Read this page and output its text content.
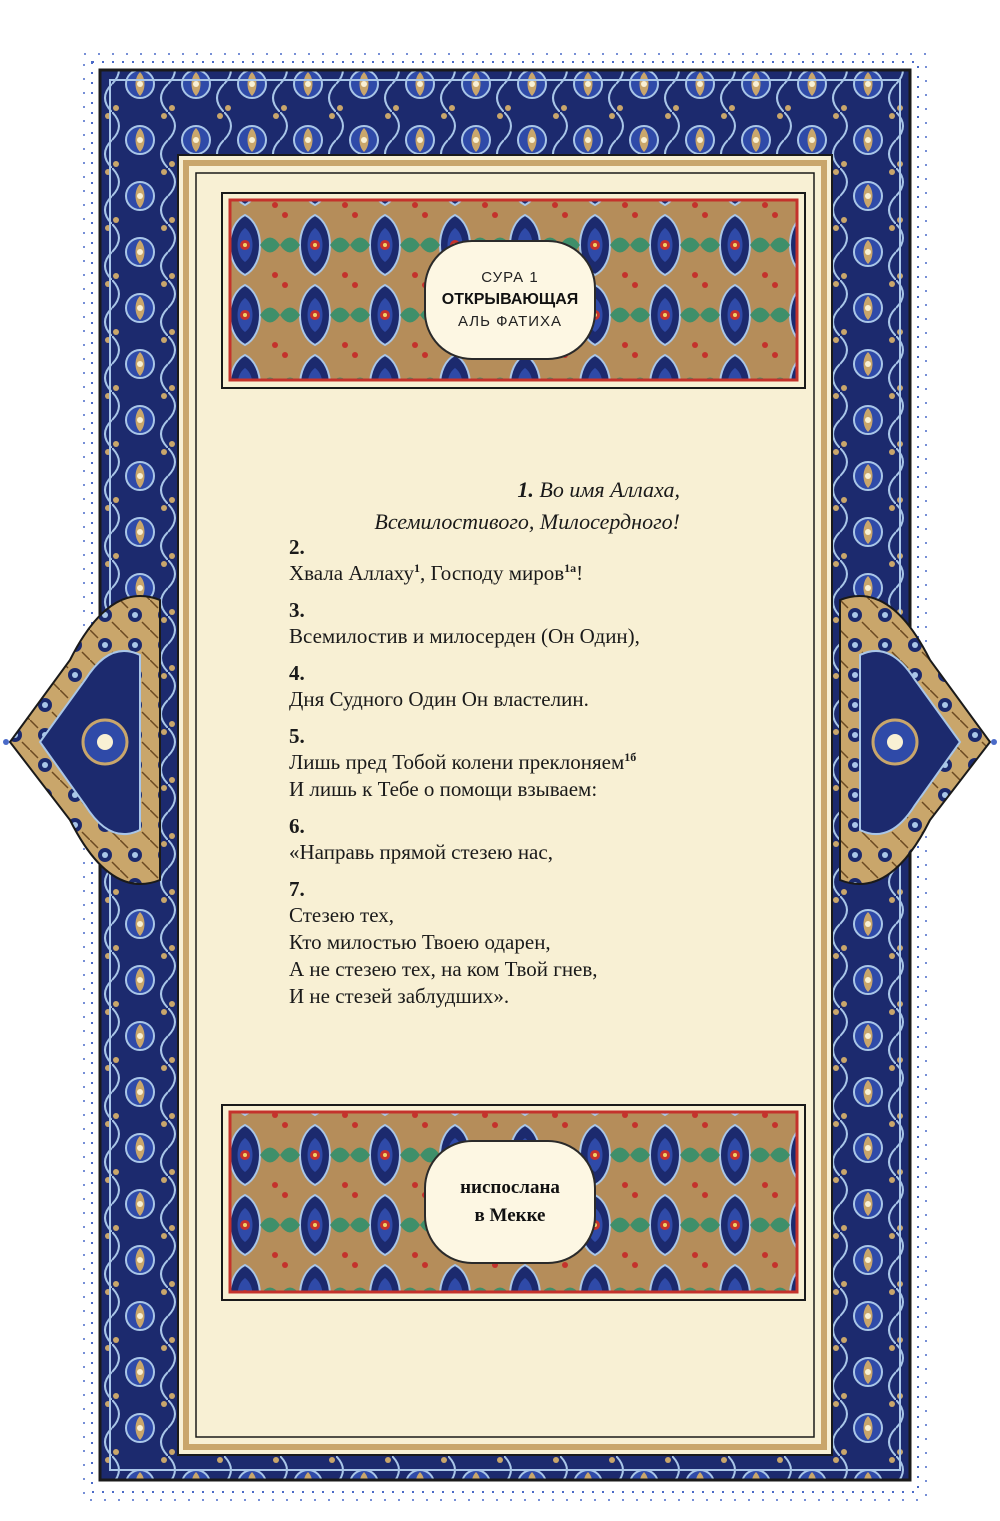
СУРА 1
ОТКРЫВАЮЩАЯ
АЛЬ ФАТИХА
1. Во имя Аллаха,
Всемилостивого, Милосердного!

2.

Хвала Аллаху$^1$, Господу миров$^{1а}$!

3.

Всемилостив и милосерден (Он Один),

4.

Дня Судного Один Он властелин.

5.

Лишь пред Тобой колени преклоняем$^{1б}$

И лишь к Тебе о помощи взываем:

6.

«Направь прямой стезею нас,

7.

Стезею тех,

Кто милостью Твоею одарен,

А не стезею тех, на ком Твой гнев,

И не стезей заблудших».

ниспослана
в Мекке
